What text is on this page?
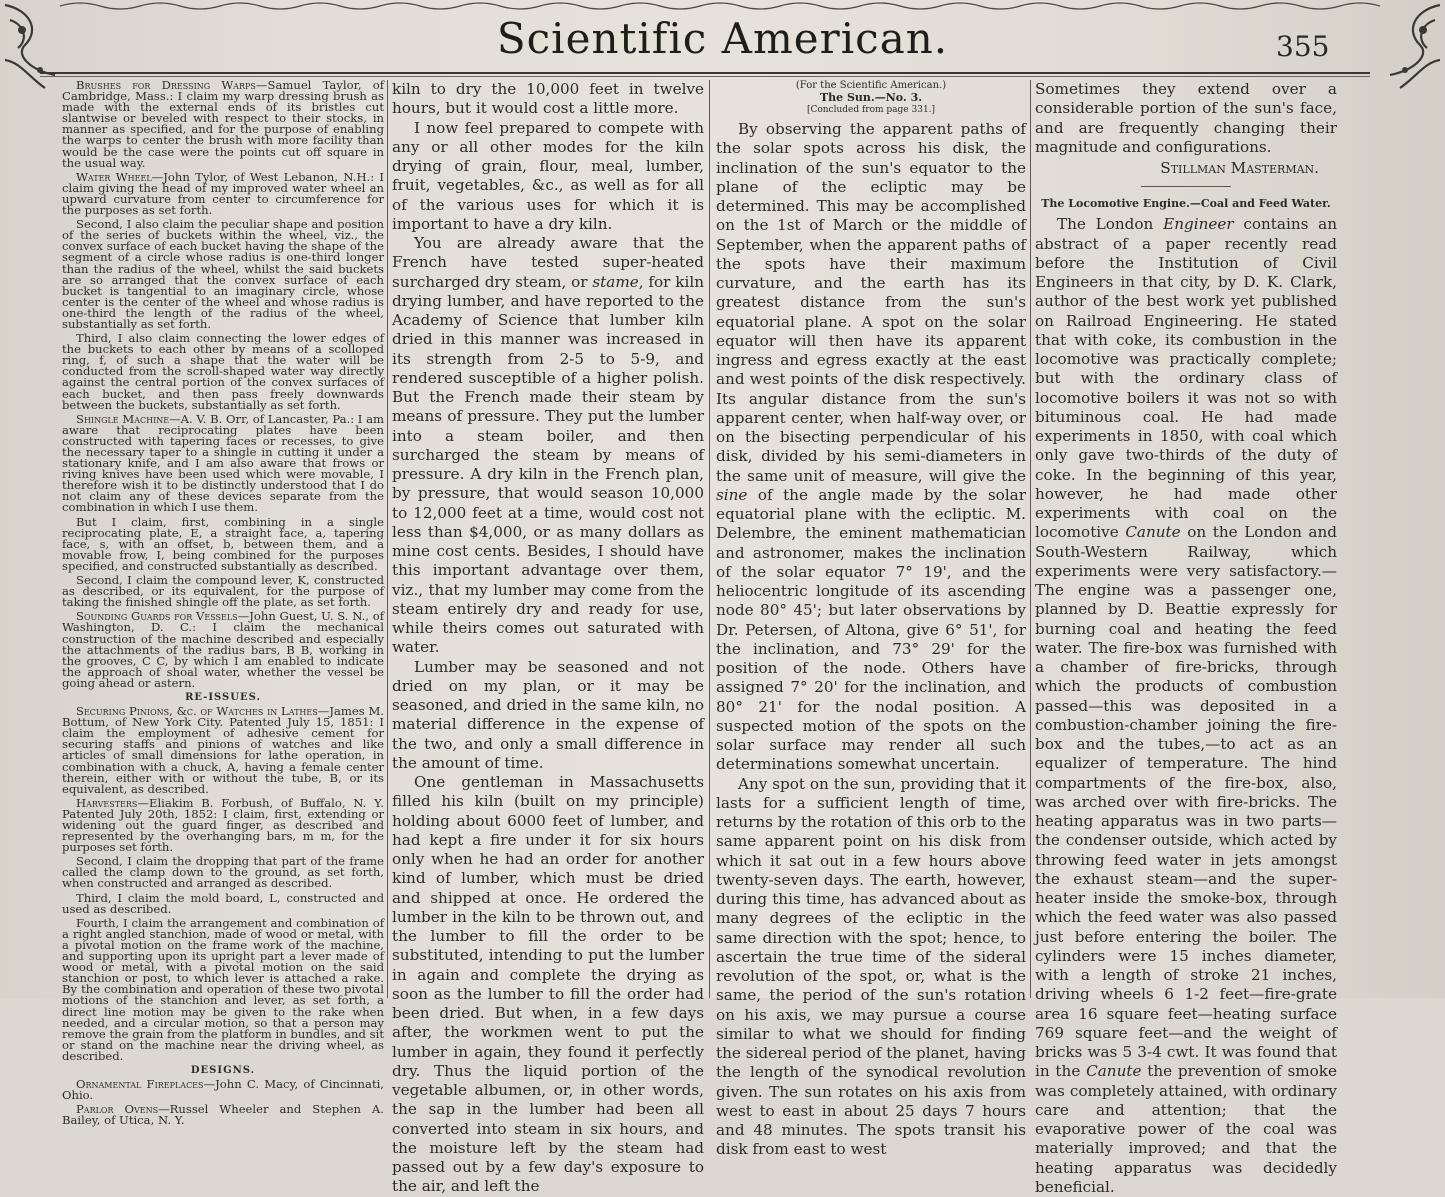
Scientific American.	355

Brushes for Dressing Warps—Samuel Taylor, of Cambridge, Mass.: I claim my warp dressing brush as made with the external ends of its bristles cut slantwise or beveled with respect to their stocks, in manner as specified, and for the purpose of enabling the warps to center the brush with more facility than would be the case were the points cut off square in the usual way.

Water Wheel—John Tylor, of West Lebanon, N.H.: I claim giving the head of my improved water wheel an upward curvature from center to circumference for the purposes as set forth.

Second, I also claim the peculiar shape and position of the series of buckets within the wheel, viz., the convex surface of each bucket having the shape of the segment of a circle whose radius is one-third longer than the radius of the wheel, whilst the said buckets are so arranged that the convex surface of each bucket is tangential to an imaginary circle, whose center is the center of the wheel and whose radius is one-third the length of the radius of the wheel, substantially as set forth.

Third, I also claim connecting the lower edges of the buckets to each other by means of a scolloped ring, f, of such a shape that the water will be conducted from the scroll-shaped water way directly against the central portion of the convex surfaces of each bucket, and then pass freely downwards between the buckets, substantially as set forth.

Shingle Machine—A. V. B. Orr, of Lancaster, Pa.: I am aware that reciprocating plates have been constructed with tapering faces or recesses, to give the necessary taper to a shingle in cutting it under a stationary knife, and I am also aware that frows or riving knives have been used which were movable, I therefore wish it to be distinctly understood that I do not claim any of these devices separate from the combination in which I use them.

But I claim, first, combining in a single reciprocating plate, E, a straight face, a, tapering face, s, with an offset, b, between them, and a movable frow, I, being combined for the purposes specified, and constructed substantially as described.

Second, I claim the compound lever, K, constructed as described, or its equivalent, for the purpose of taking the finished shingle off the plate, as set forth.

Sounding Guards for Vessels—John Guest, U. S. N., of Washington, D. C.: I claim the mechanical construction of the machine described and especially the attachments of the radius bars, B B, working in the grooves, C C, by which I am enabled to indicate the approach of shoal water, whether the vessel be going ahead or astern.

RE-ISSUES.

Securing Pinions, &c. of Watches in Lathes—James M. Bottum, of New York City. Patented July 15, 1851: I claim the employment of adhesive cement for securing staffs and pinions of watches and like articles of small dimensions for lathe operation, in combination with a chuck, A, having a female center therein, either with or without the tube, B, or its equivalent, as described.

Harvesters—Eliakim B. Forbush, of Buffalo, N. Y. Patented July 20th, 1852: I claim, first, extending or widening out the guard finger, as described and represented by the overhanging bars, m m, for the purposes set forth.

Second, I claim the dropping that part of the frame called the clamp down to the ground, as set forth, when constructed and arranged as described.

Third, I claim the mold board, L, constructed and used as described.

Fourth, I claim the arrangement and combination of a right angled stanchion, made of wood or metal, with a pivotal motion on the frame work of the machine, and supporting upon its upright part a lever made of wood or metal, with a pivotal motion on the said stanchion or post, to which lever is attached a rake. By the combination and operation of these two pivotal motions of the stanchion and lever, as set forth, a direct line motion may be given to the rake when needed, and a circular motion, so that a person may remove the grain from the platform in bundles, and sit or stand on the machine near the driving wheel, as described.

DESIGNS.

Ornamental Fireplaces—John C. Macy, of Cincinnati, Ohio.

Parlor Ovens—Russel Wheeler and Stephen A. Bailey, of Utica, N. Y.

kiln to dry the 10,000 feet in twelve hours, but it would cost a little more.

I now feel prepared to compete with any or all other modes for the kiln drying of grain, flour, meal, lumber, fruit, vegetables, &c., as well as for all of the various uses for which it is important to have a dry kiln.

You are already aware that the French have tested super-heated surcharged dry steam, or stame, for kiln drying lumber, and have reported to the Academy of Science that lumber kiln dried in this manner was increased in its strength from 2-5 to 5-9, and rendered susceptible of a higher polish. But the French made their steam by means of pressure. They put the lumber into a steam boiler, and then surcharged the steam by means of pressure. A dry kiln in the French plan, by pressure, that would season 10,000 to 12,000 feet at a time, would cost not less than $4,000, or as many dollars as mine cost cents. Besides, I should have this important advantage over them, viz., that my lumber may come from the steam entirely dry and ready for use, while theirs comes out saturated with water.

Lumber may be seasoned and not dried on my plan, or it may be seasoned, and dried in the same kiln, no material difference in the expense of the two, and only a small difference in the amount of time.

One gentleman in Massachusetts filled his kiln (built on my principle) holding about 6000 feet of lumber, and had kept a fire under it for six hours only when he had an order for another kind of lumber, which must be dried and shipped at once. He ordered the lumber in the kiln to be thrown out, and the lumber to fill the order to be substituted, intending to put the lumber in again and complete the drying as soon as the lumber to fill the order had been dried. But when, in a few days after, the workmen went to put the lumber in again, they found it perfectly dry. Thus the liquid portion of the vegetable albumen, or, in other words, the sap in the lumber had been all converted into steam in six hours, and the moisture left by the steam had passed out by a few day's exposure to the air, and left the

(For the Scientific American.)
The Sun.—No. 3.
[Concluded from page 331.]

By observing the apparent paths of the solar spots across his disk, the inclination of the sun's equator to the plane of the ecliptic may be determined. This may be accomplished on the 1st of March or the middle of September, when the apparent paths of the spots have their maximum curvature, and the earth has its greatest distance from the sun's equatorial plane. A spot on the solar equator will then have its apparent ingress and egress exactly at the east and west points of the disk respectively. Its angular distance from the sun's apparent center, when half-way over, or on the bisecting perpendicular of his disk, divided by his semi-diameters in the same unit of measure, will give the sine of the angle made by the solar equatorial plane with the ecliptic. M. Delembre, the eminent mathematician and astronomer, makes the inclination of the solar equator 7° 19', and the heliocentric longitude of its ascending node 80° 45'; but later observations by Dr. Petersen, of Altona, give 6° 51', for the inclination, and 73° 29' for the position of the node. Others have assigned 7° 20' for the inclination, and 80° 21' for the nodal position. A suspected motion of the spots on the solar surface may render all such determinations somewhat uncertain.

Any spot on the sun, providing that it lasts for a sufficient length of time, returns by the rotation of this orb to the same apparent point on his disk from which it sat out in a few hours above twenty-seven days. The earth, however, during this time, has advanced about as many degrees of the ecliptic in the same direction with the spot; hence, to ascertain the true time of the sideral revolution of the spot, or, what is the same, the period of the sun's rotation on his axis, we may pursue a course similar to what we should for finding the sidereal period of the planet, having the length of the synodical revolution given. The sun rotates on his axis from west to east in about 25 days 7 hours and 48 minutes. The spots transit his disk from east to west

Sometimes they extend over a considerable portion of the sun's face, and are frequently changing their magnitude and configurations.

Stillman Masterman.
The Locomotive Engine.—Coal and Feed Water.

The London Engineer contains an abstract of a paper recently read before the Institution of Civil Engineers in that city, by D. K. Clark, author of the best work yet published on Railroad Engineering. He stated that with coke, its combustion in the locomotive was practically complete; but with the ordinary class of locomotive boilers it was not so with bituminous coal. He had made experiments in 1850, with coal which only gave two-thirds of the duty of coke. In the beginning of this year, however, he had made other experiments with coal on the locomotive Canute on the London and South-Western Railway, which experiments were very satisfactory.—The engine was a passenger one, planned by D. Beattie expressly for burning coal and heating the feed water. The fire-box was furnished with a chamber of fire-bricks, through which the products of combustion passed—this was deposited in a combustion-chamber joining the fire-box and the tubes,—to act as an equalizer of temperature. The hind compartments of the fire-box, also, was arched over with fire-bricks. The heating apparatus was in two parts—the condenser outside, which acted by throwing feed water in jets amongst the exhaust steam—and the super-heater inside the smoke-box, through which the feed water was also passed just before entering the boiler. The cylinders were 15 inches diameter, with a length of stroke 21 inches, driving wheels 6 1-2 feet—fire-grate area 16 square feet—heating surface 769 square feet—and the weight of bricks was 5 3-4 cwt. It was found that in the Canute the prevention of smoke was completely attained, with ordinary care and attention; that the evaporative power of the coal was materially improved; and that the heating apparatus was decidedly beneficial.
